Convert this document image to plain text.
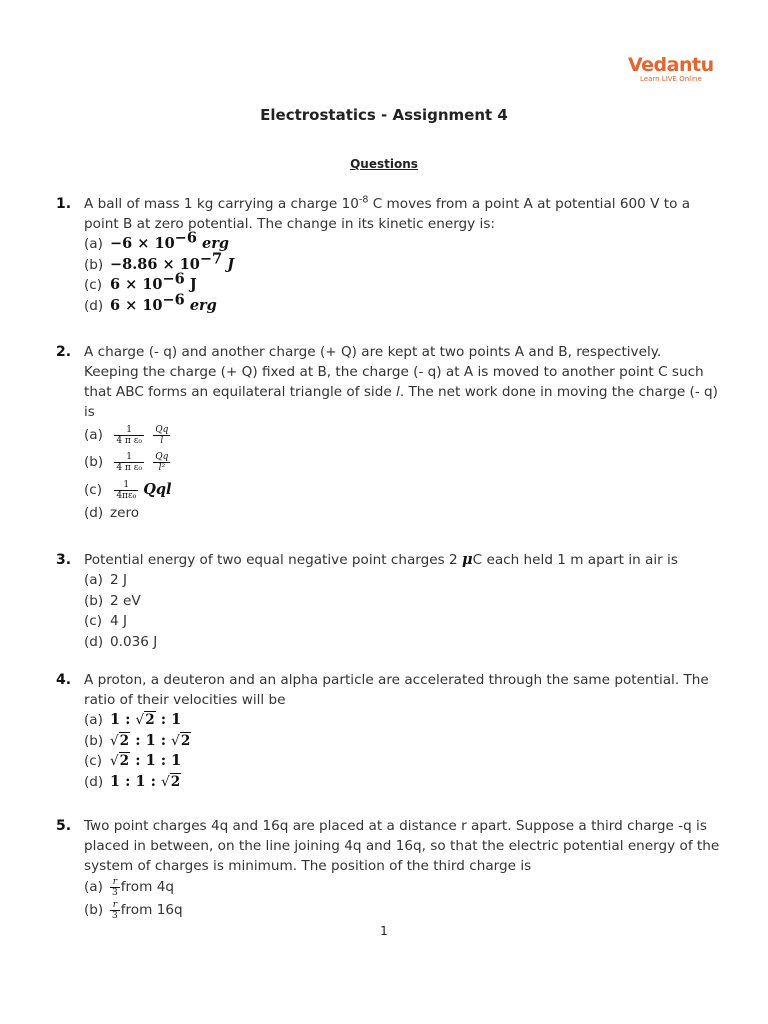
Vedantu
Learn LIVE Online
Electrostatics - Assignment 4
Questions
1. A ball of mass 1 kg carrying a charge $10^{-8}$ C moves from a point A at potential 600 V to a point B at zero potential. The change in its kinetic energy is:
$(a) -6 \times 10^{-6}$ erg
$(b) -8.86 \times 10^{-7}$ J
(c) $6 \times 10^{-6}$ J
(d) $6 \times 10^{-6}$ erg
2. A charge (- q) and another charge (+ Q) are kept at two points A and B, respectively. Keeping the charge (+ Q) fixed at B, the charge (- q) at A is moved to another point C such that ABC forms an equilateral triangle of side l. The net work done in moving the charge (- q) is
$(a) \frac{1}{\text{4 π ε₀}}$
$\frac{Qq}{l}$
$(b) \frac{1}{\text{4 π ε₀}}$
$\frac{Qq}{\text{l²}}$
$(c) \frac{1}{\text{4πε₀}}$ Qql
(d) zero
3. Potential energy of two equal negative point charges 2 μC each held 1 m apart in air is
(a) 2 J
(b) 2 eV
(c) 4 J
(d) 0.036 J
4. A proton, a deuteron and an alpha particle are accelerated through the same potential. The ratio of their velocities will be
(a) 1 : √2 : 1
(b) √2 : 1 : √2
(c) √2 : 1 : 1
(d) 1 : 1 : √2
5. Two point charges 4q and 16q are placed at a distance r apart. Suppose a third charge -q is placed in between, on the line joining 4q and 16q, so that the electric potential energy of the system of charges is minimum. The position of the third charge is
$(a) \frac{r}{3}$ from 4q
$(b) \frac{r}{3}$ from 16q
1
